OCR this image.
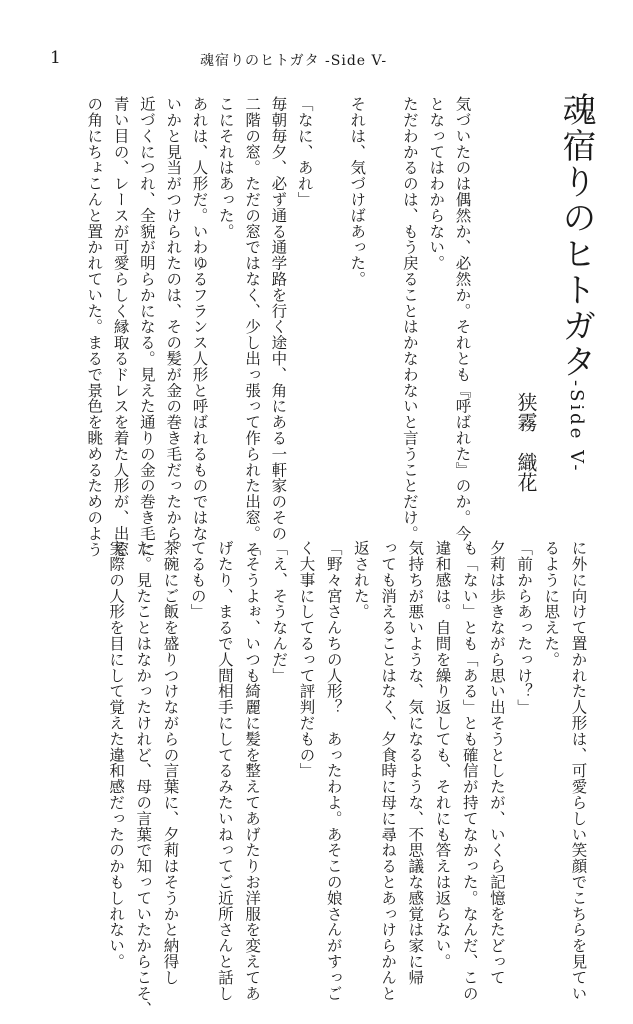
1	魂宿りのヒトガタ -Side V-
魂宿りのヒトガタ-Side V-
狭霧　織花
気づいたのは偶然か、必然か。それとも『呼ばれた』のか。今
となってはわからない。
ただわかるのは、もう戻ることはかなわないと言うことだけ。
それは、気づけばあった。
「なに、あれ」
毎朝毎夕、必ず通る通学路を行く途中、角にある一軒家のその
二階の窓。ただの窓ではなく、少し出っ張って作られた出窓。そ
こにそれはあった。
あれは、人形だ。いわゆるフランス人形と呼ばれるものではな
いかと見当がつけられたのは、その髪が金の巻き毛だったから。
近づくにつれ、全貌が明らかになる。見えた通りの金の巻き毛に
青い目の、レースが可愛らしく縁取るドレスを着た人形が、出窓
の角にちょこんと置かれていた。まるで景色を眺めるためのよう
に外に向けて置かれた人形は、可愛らしい笑顔でこちらを見てい
るように思えた。
「前からあったっけ？」
夕莉は歩きながら思い出そうとしたが、いくら記憶をたどって
も「ない」とも「ある」とも確信が持てなかった。なんだ、この
違和感は。自問を繰り返しても、それにも答えは返らない。
気持ちが悪いような、気になるような、不思議な感覚は家に帰
っても消えることはなく、夕食時に母に尋ねるとあっけらかんと
返された。
「野々宮さんちの人形？　あったわよ。あそこの娘さんがすっご
く大事にしてるって評判だもの」
「え、そうなんだ」
「そうよぉ、いつも綺麗に髪を整えてあげたりお洋服を変えてあ
げたり、まるで人間相手にしてるみたいねってご近所さんと話し
てるもの」
茶碗にご飯を盛りつけながらの言葉に、夕莉はそうかと納得し
た。見たことはなかったけれど、母の言葉で知っていたからこそ、
実際の人形を目にして覚えた違和感だったのかもしれない。
